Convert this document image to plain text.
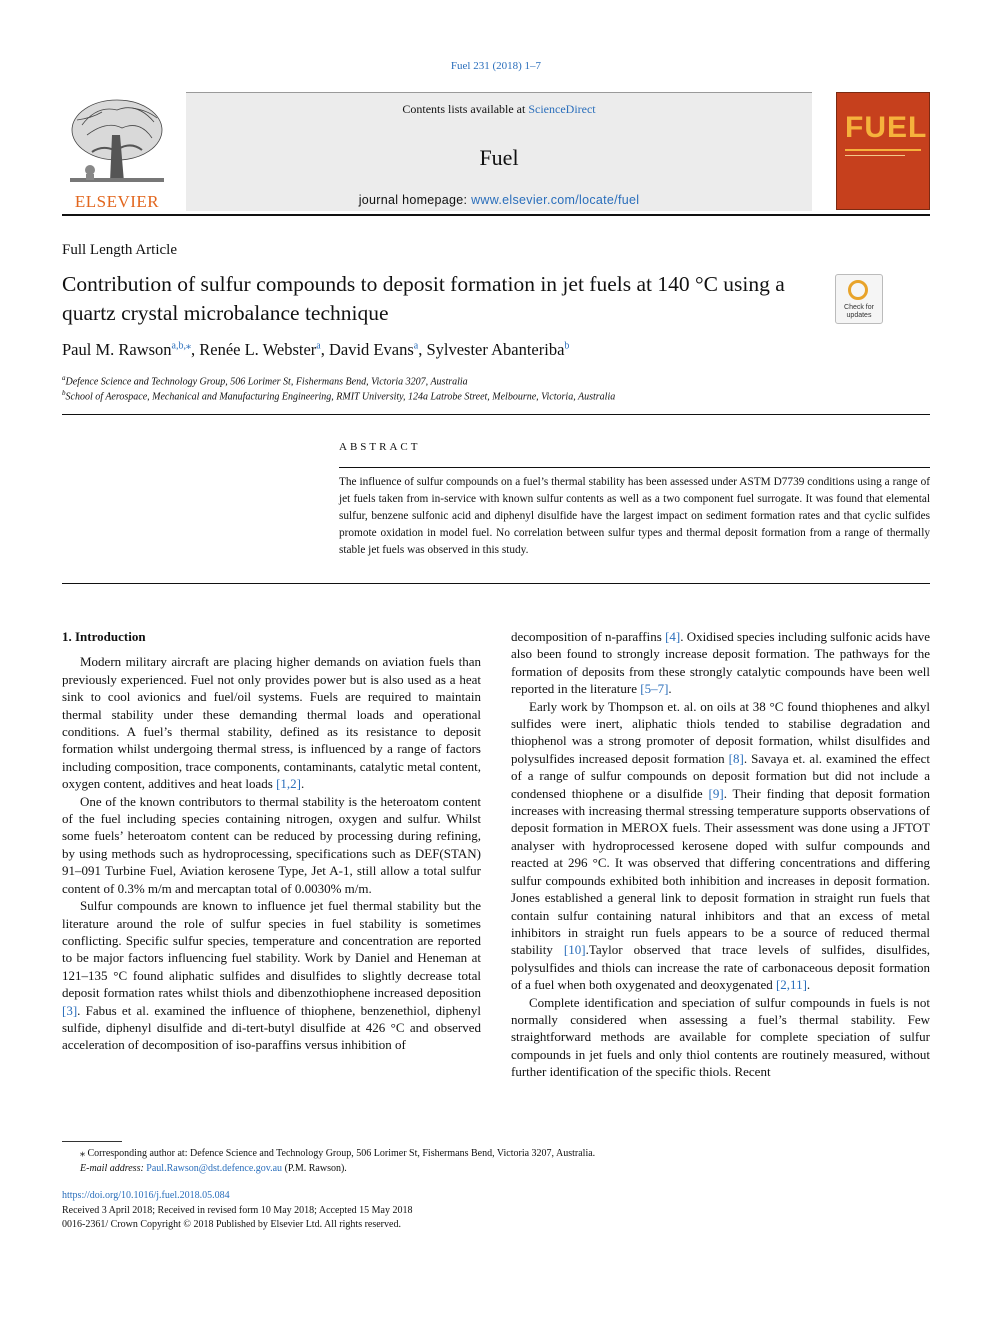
Fuel 231 (2018) 1–7
ELSEVIER
Contents lists available at ScienceDirect
Fuel
journal homepage: www.elsevier.com/locate/fuel
FUEL
Full Length Article
Contribution of sulfur compounds to deposit formation in jet fuels at 140 °C using a quartz crystal microbalance technique	Check for updates
Paul M. Rawson$^{a,b,⁎}$, Renée L. Webster$^a$, David Evans$^a$, Sylvester Abanteriba$^b$
$^a$Defence Science and Technology Group, 506 Lorimer St, Fishermans Bend, Victoria 3207, Australia
$^b$School of Aerospace, Mechanical and Manufacturing Engineering, RMIT University, 124a Latrobe Street, Melbourne, Victoria, Australia
ABSTRACT
The influence of sulfur compounds on a fuel’s thermal stability has been assessed under ASTM D7739 conditions using a range of jet fuels taken from in-service with known sulfur contents as well as a two component fuel surrogate. It was found that elemental sulfur, benzene sulfonic acid and diphenyl disulfide have the largest impact on sediment formation rates and that cyclic sulfides promote oxidation in model fuel. No correlation between sulfur types and thermal deposit formation from a range of thermally stable jet fuels was observed in this study.
1. Introduction

Modern military aircraft are placing higher demands on aviation fuels than previously experienced. Fuel not only provides power but is also used as a heat sink to cool avionics and fuel/oil systems. Fuels are required to maintain thermal stability under these demanding thermal loads and operational conditions. A fuel’s thermal stability, defined as its resistance to deposit formation whilst undergoing thermal stress, is influenced by a range of factors including composition, trace components, contaminants, catalytic metal content, oxygen content, additives and heat loads [1,2].

One of the known contributors to thermal stability is the heteroatom content of the fuel including species containing nitrogen, oxygen and sulfur. Whilst some fuels’ heteroatom content can be reduced by processing during refining, by using methods such as hydroprocessing, specifications such as DEF(STAN) 91–091 Turbine Fuel, Aviation kerosene Type, Jet A-1, still allow a total sulfur content of 0.3% m/m and mercaptan total of 0.0030% m/m.

Sulfur compounds are known to influence jet fuel thermal stability but the literature around the role of sulfur species in fuel stability is sometimes conflicting. Specific sulfur species, temperature and concentration are reported to be major factors influencing fuel stability. Work by Daniel and Heneman at 121–135 °C found aliphatic sulfides and disulfides to slightly decrease total deposit formation rates whilst thiols and dibenzothiophene increased deposition [3]. Fabus et al. examined the influence of thiophene, benzenethiol, diphenyl sulfide, diphenyl disulfide and di-tert-butyl disulfide at 426 °C and observed acceleration of decomposition of iso-paraffins versus inhibition of

decomposition of n-paraffins [4]. Oxidised species including sulfonic acids have also been found to strongly increase deposit formation. The pathways for the formation of deposits from these strongly catalytic compounds have been well reported in the literature [5–7].

Early work by Thompson et. al. on oils at 38 °C found thiophenes and alkyl sulfides were inert, aliphatic thiols tended to stabilise degradation and thiophenol was a strong promoter of deposit formation, whilst disulfides and polysulfides increased deposit formation [8]. Savaya et. al. examined the effect of a range of sulfur compounds on deposit formation but did not include a condensed thiophene or a disulfide [9]. Their finding that deposit formation increases with increasing thermal stressing temperature supports observations of deposit formation in MEROX fuels. Their assessment was done using a JFTOT analyser with hydroprocessed kerosene doped with sulfur compounds and reacted at 296 °C. It was observed that differing concentrations and differing sulfur compounds exhibited both inhibition and increases in deposit formation. Jones established a general link to deposit formation in straight run fuels that contain sulfur containing natural inhibitors and that an excess of metal inhibitors in straight run fuels appears to be a source of reduced thermal stability [10].Taylor observed that trace levels of sulfides, disulfides, polysulfides and thiols can increase the rate of carbonaceous deposit formation of a fuel when both oxygenated and deoxygenated [2,11].

Complete identification and speciation of sulfur compounds in fuels is not normally considered when assessing a fuel’s thermal stability. Few straightforward methods are available for complete speciation of sulfur compounds in jet fuels and only thiol contents are routinely measured, without further identification of the specific thiols. Recent

⁎ Corresponding author at: Defence Science and Technology Group, 506 Lorimer St, Fishermans Bend, Victoria 3207, Australia.
E-mail address: Paul.Rawson@dst.defence.gov.au (P.M. Rawson).
https://doi.org/10.1016/j.fuel.2018.05.084
Received 3 April 2018; Received in revised form 10 May 2018; Accepted 15 May 2018
0016-2361/ Crown Copyright © 2018 Published by Elsevier Ltd. All rights reserved.
